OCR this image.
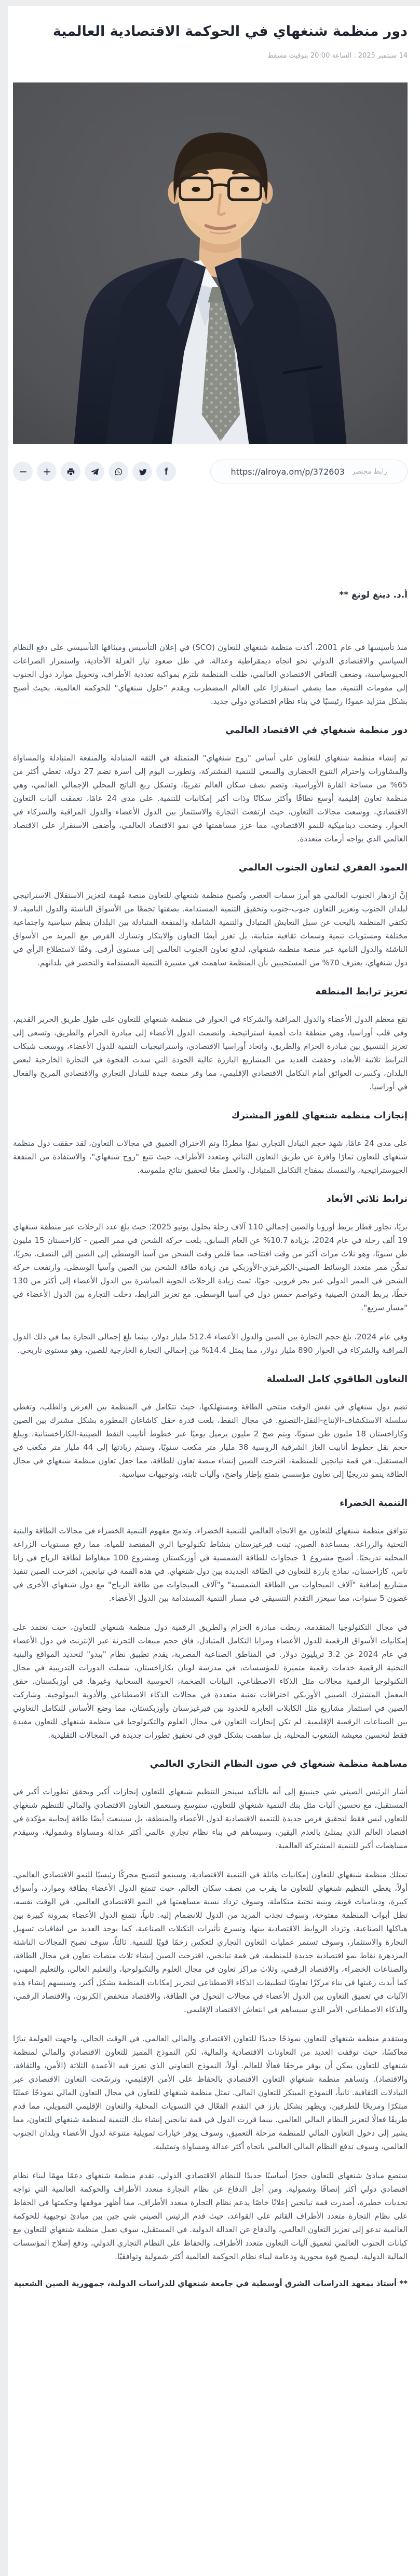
دور منظمة شنغهاي في الحوكمة الاقتصادية العالمية
14 سبتمبر 2025 . الساعة 20:00 بتوقيت مسقط
رابط مختصر
https://alroya.om/p/372603
f
أ.د. دينغ لونغ **

منذ تأسيسها في عام 2001، أكدت منظمة شنغهاي للتعاون (SCO) في إعلان التأسيس وميثاقها التأسيسي على دفع النظام السياسي والاقتصادي الدولي نحو اتجاه ديمقراطية وعدالة. في ظل صعود تيار العزلة الأحادية، واستمرار الصراعات الجيوسياسية، وضعف التعافي الاقتصادي العالمي، ظلت المنظمة تلتزم بمواكبة تعددية الأطراف، وتحويل موارد دول الجنوب إلى مقومات التنمية، مما يضفي استقرارًا على العالم المضطرب ويقدم "حلول شنغهاي" للحوكمة العالمية، بحيث أصبح بشكل متزايد عمودًا رئيسيًا في بناء نظام اقتصادي دولي جديد.

دور منظمة شنغهاي في الاقتصاد العالمي

تم إنشاء منظمة شنغهاي للتعاون على أساس "روح شنغهاي" المتمثلة في الثقة المتبادلة والمنفعة المتبادلة والمساواة والمشاورات واحترام التنوع الحضاري والسعي للتنمية المشتركة، وتطورت اليوم إلى أسرة تضم 27 دولة، تغطي أكثر من 65% من مساحة القارة الأوراسية، وتضم نصف سكان العالم تقريبًا، وتشكل ربع الناتج المحلي الإجمالي العالمي، وهي منظمة تعاون إقليمية أوسع نطاقًا وأكثر سكانًا وذات أكبر إمكانيات للتنمية. على مدى 24 عامًا، تعمقت آليات التعاون الاقتصادي، ووسعت مجالات التعاون، حيث ارتفعت التجارة والاستثمار بين الدول الأعضاء والدول المراقبة والشركاء في الحوار، وضخت ديناميكية للنمو الاقتصادي، مما عزز مساهمتها في نمو الاقتصاد العالمي، وأضفى الاستقرار على الاقتصاد العالمي الذي يواجه أزمات متعددة.

العمود الفقري لتعاون الجنوب العالمي

إنَّ ازدهار الجنوب العالمي هو أبرز سمات العصر، وتُصبح منظمة شنغهاي للتعاون منصة مُهمة لتعزيز الاستقلال الاستراتيجي لبلدان الجنوب وتعزيز التعاون جنوب-جنوب وتحقيق التنمية المستدامة. بصفتها تجمعًا من الأسواق الناشئة والدول النامية، لا تكتفي المنظمة بالبحث عن سبل التعايش المتبادل والتنمية الشاملة والمنفعة المتبادلة بين البلدان بنظم سياسية واجتماعية مختلفة ومستويات تنمية وسمات ثقافية متباينة، بل تعزز أيضًا التعاون والابتكار وتشارك الفرص مع المزيد من الأسواق الناشئة والدول النامية عبر منصة منظمة شنغهاي، لدفع تعاون الجنوب العالمي إلى مستوى أرقى. وفقًا لاستطلاع الرأي في دول شنغهاي، يعترف 70% من المستجيبين بأن المنظمة ساهمت في مسيرة التنمية المستدامة والتحضر في بلدانهم.

تعزيز ترابط المنطقة

تقع معظم الدول الأعضاء والدول المراقبة والشركاء في الحوار في منظمة شنغهاي للتعاون على طول طريق الحرير القديم، وفي قلب أوراسيا، وهي منطقة ذات أهمية استراتيجية. وانضمت الدول الأعضاء إلى مبادرة الحزام والطريق، وتسعى إلى تعزيز التنسيق بين مبادرة الحزام والطريق، واتحاد أوراسيا الاقتصادي، واستراتيجيات التنمية للدول الأعضاء، ووسعت شبكات الترابط ثلاثية الأبعاد، وحققت العديد من المشاريع البارزة عالية الجودة التي سدت الفجوة في التجارة الخارجية لبعض البلدان، وكسرت العوائق أمام التكامل الاقتصادي الإقليمي، مما وفر منصة جيدة للتبادل التجاري والاقتصادي المريح والفعال في أوراسيا.

إنجازات منظمة شنغهاي للفوز المشترك

على مدى 24 عامًا، شهد حجم التبادل التجاري نموًا مطردًا وتم الاختراق العميق في مجالات التعاون، لقد حققت دول منظمة شنغهاي للتعاون ثمارًا وافرة عن طريق التعاون الثنائي ومتعدد الأطراف، حيث تتبع "روح شنغهاي"، والاستفادة من المنفعة الجيوستراتيجية، والتمسك بمفتاح التكامل المتبادل، والعمل معًا لتحقيق نتائج ملموسة.

ترابط ثلاثي الأبعاد

بريًا، تجاوز قطار يربط أوروبا والصين إجمالي 110 آلاف رحلة بحلول يونيو 2025؛ حيث بلغ عدد الرحلات عبر منطقة شنغهاي 19 ألف رحلة في عام 2024، بزيادة 10.7% عن العام السابق. بلغت حركة الشحن في ممر الصين - كازاخستان 15 مليون طن سنويًا، وهو ثلاث مرات أكثر من وقت افتتاحه، مما قلص وقت الشحن من آسيا الوسطى إلى الصين إلى النصف. بحريًا، تمكّن ممر متعدد الوسائط الصيني-الكيرغيزي-الأوزبكي من زيادة طاقة الشحن بين الصين وآسيا الوسطى، وارتفعت حركة الشحن في الممر الدولي عبر بحر قزوين. جويًا، تمت زيادة الرحلات الجوية المباشرة بين الدول الأعضاء إلى أكثر من 130 خطًا، يربط المدن الصينية وعواصم خمس دول في آسيا الوسطى. مع تعزيز الترابط، دخلت التجارة بين الدول الأعضاء في "مسار سريع".

وفي عام 2024، بلغ حجم التجارة بين الصين والدول الأعضاء 512.4 مليار دولار، بينما بلغ إجمالي التجارة بما في ذلك الدول المراقبة والشركاء في الحوار 890 مليار دولار، مما يمثل 14.4% من إجمالي التجارة الخارجية للصين، وهو مستوى تاريخي.

التعاون الطاقوي كامل السلسلة

تضم دول شنغهاي في نفس الوقت منتجي الطاقة ومستهلكيها، حيث تتكامل في المنظمة بين العرض والطلب، وتغطي سلسلة الاستكشاف-الإنتاج-النقل-التصنيع. في مجال النفط، بلغت قدرة حقل كاشاغان المطورة بشكل مشترك بين الصين وكازاخستان 18 مليون طن سنويًا، ويتم ضخ 2 مليون برميل يوميًا عبر خطوط أنابيب النفط الصينية-الكازاخستانية، ويبلغ حجم نقل خطوط أنابيب الغاز الشرقية الروسية 38 مليار متر مكعب سنويًا، وسيتم زيادتها إلى 44 مليار متر مكعب في المستقبل. في قمة تيانجين للمنظمة، اقترحت الصين إنشاء منصة تعاون للطاقة، مما جعل تعاون منظمة شنغهاي في مجال الطاقة ينمو تدريجيًا إلى تعاون مؤسسي يتمتع بإطار واضح، وآليات ثابتة، وتوجيهات سياسية.

التنمية الخضراء

تتوافق منظمة شنغهاي للتعاون مع الاتجاه العالمي للتنمية الخضراء، وتدمج مفهوم التنمية الخضراء في مجالات الطاقة والبنية التحتية والزراعة. بمساعدة الصين، تبنت قيرغيزستان بنشاط تكنولوجيا الري المقتصد للمياه، مما رفع مستويات الزراعة المحلية تدريجيًا. أصبح مشروع 1 جيجاوات للطاقة الشمسية في أوزبكستان ومشروع 100 ميغاواط لطاقة الرياح في زانا تاس، كازاخستان، نماذج بارزة للتعاون في الطاقة الجديدة بين دول شنغهاي. في هذه القمة في تيانجين، اقترحت الصين تنفيذ مشاريع إضافية "آلاف الميجاوات من الطاقة الشمسية" و"آلاف الميجاوات من طاقة الرياح" مع دول شنغهاي الأخرى في غضون 5 سنوات، مما سيعزز التقدم التنسيقي في مسار التنمية المستدامة بين الدول الأعضاء.

في مجال التكنولوجيا المتقدمة، ربطت مبادرة الحزام والطريق الرقمية دول منظمة شنغهاي للتعاون، حيث تعتمد على إمكانيات الأسواق الرقمية للدول الأعضاء ومزايا التكامل المتبادل، فاق حجم مبيعات التجزئة عبر الإنترنت في دول الأعضاء في عام 2024 عن 3.2 تريليون دولار. في المناطق الصناعية المصرية، يقدم تطبيق نظام "بيدو" لتحديد المواقع والبنية التحتية الرقمية خدمات رقمية متميزة للمؤسسات، في مدرسة لوبان بكازاخستان، شملت الدورات التدريبية في مجال التكنولوجيا الرقمية مجالات مثل الذكاء الاصطناعي، البيانات الضخمة، الحوسبة السحابية وغيرها. في أوزبكستان، حقق المعمل المشترك الصيني الأوزبكي اختراقات تقنية متعددة في مجالات الذكاء الاصطناعي والأدوية البيولوجية. وشاركت الصين في استثمار مشاريع مثل الكابلات العابرة للحدود بين قيرغيزستان وأوزبكستان، مما وضع الأساس للتكامل التعاوني بين الصناعات الرقمية الإقليمية. لم تكن إنجازات التعاون في مجال العلوم والتكنولوجيا في منظمة شنغهاي للتعاون مفيدة فقط لتحسين معيشة الشعوب المحلية، بل ساهمت بشكل قوي في تحقيق تطورات جديدة في المجالات التقليدية.

مساهمة منظمة شنغهاي في صون النظام التجاري العالمي

أشار الرئيس الصيني شي جينبينغ إلى أنه بالتأكيد سينجز التنظيم شنغهاي للتعاون إنجازات أكبر ويحقق تطورات أكبر في المستقبل، مع تحسين آليات مثل بنك التنمية شنغهاي للتعاون، ستوسع وستعمق التعاون الاقتصادي والمالي للتنظيم شنغهاي للتعاون ليس فقط لتحقيق فرص جديدة للتنمية الاقتصادية لدول الأعضاء والمنطقة، بل سينبعث أيضًا طاقة إيجابية مؤكدة في اقتصاد العالم الذي يمتلئ بالعدم اليقين، وسيساهم في بناء نظام تجاري عالمي أكثر عدالة ومساواة وشمولية، وسيقدم مساهمات أكبر للتنمية المشتركة العالمية.

تمتلك منظمة شنغهاي للتعاون إمكانيات هائلة في التنمية الاقتصادية، وسينمو لتصبح محركًا رئيسيًا للنمو الاقتصادي العالمي. أولاً، يغطي التنظيم شنغهاي للتعاون ما يقرب من نصف سكان العالم، حيث تتمتع الدول الأعضاء بطاقة وموارد، وأسواق كبيرة، وديناميات قوية، وبنية تحتية متكاملة، وسوف تزداد نسبة مساهمتها في النمو الاقتصادي العالمي. في الوقت نفسه، تظل أبواب المنظمة مفتوحة، وسوف تجذب المزيد من الدول للانضمام إليه. ثانياً، تتمتع الدول الأعضاء بمرونة كبيرة بين هياكلها الصناعية، وتزداد الروابط الاقتصادية بينها، وتسرع تأثيرات التكتلات الصناعية، كما يوجد العديد من اتفاقيات تسهيل التجارة والاستثمار، وسوف تستمر عمليات التعاون التجاري لتعكس زخمًا قويًا للتنمية. ثالثاً، سوف تصبح المجالات الناشئة المزدهرة نقاط نمو اقتصادية جديدة للمنظمة. في قمة تيانجين، اقترحت الصين إنشاء ثلاث منصات تعاون في مجال الطاقة، والصناعات الخضراء، والاقتصاد الرقمي، وثلاث مراكز تعاون في مجال العلوم والتكنولوجيا، والتعليم العالي، والتعليم المهني، كما أبدت رغبتها في بناء مركزًا تعاونيًا لتطبيقات الذكاء الاصطناعي لتحرير إمكانات المنظمة بشكل أكبر، وسيسهم إنشاء هذه الآليات في تعميق التعاون بين الدول الأعضاء في مجالات التحول في الطاقة، والاقتصاد منخفض الكربون، والاقتصاد الرقمي، والذكاء الاصطناعي، الأمر الذي سيساهم في انتعاش الاقتصاد الإقليمي.

وستقدم منظمة شنغهاي للتعاون نموذجًا جديدًا للتعاون الاقتصادي والمالي العالمي. في الوقت الحالي، واجهت العولمة تيارًا معاكسًا، حيث توقفت العديد من التعاونات الاقتصادية والمالية، لكن النموذج المميز للتعاون الاقتصادي والمالي لمنظمة شنغهاي للتعاون يمكن أن يوفر مرجعًا فعالًا للعالم. أولاً، النموذج التعاوني الذي تعزز فيه الأعمدة الثلاثة (الأمن، والثقافة، والاقتصاد). وتساهم منظمة شنغهاي التعاون الاقتصادي بالحفاظ على الأمن الإقليمي، وترسّخت التعاون الاقتصادي عبر التبادلات الثقافية. ثانياً، النموذج المبتكر للتعاون المالي. تمثل منظمة شنغهاي للتعاون في مجال التعاون المالي نموذجًا عمليًا مبتكرًا ومريحًا للطرفين، ويظهر بشكل بارز في التقدم الفعّال في التسويات المحلية والتعاون الإقليمي التمويلي، مما قدم طريقًا فعالًا لتعزيز النظام المالي العالمي. بينما قررت الدول في قمة تيانجين إنشاء بنك التنمية لمنظمة شنغهاي للتعاون، مما يشير إلى دخول التعاون المالي للمنظمة مرحلة التعميق، وسوف يوفر خيارات تمويلية متنوعة لدول الأعضاء وبلدان الجنوب العالمي، وسوف تدفع النظام المالي العالمي باتجاه أكثر عدالة ومساواة وتمثيلية.

ستضع مبادئ شنغهاي للتعاون حجرًا أساسيًا جديدًا للنظام الاقتصادي الدولي، تقدم منظمة شنغهاي دعمًا مهمًا لبناء نظام اقتصادي دولي أكثر إنصافًا وشمولية. ومن أجل الدفاع عن نظام التجارة متعدد الأطراف والحوكمة العالمية التي تواجه تحديات خطيرة، أصدرت قمة تيانجين إعلانًا خاصًا يدعم نظام التجارة متعدد الأطراف، مما أظهر موقفها وحكمتها في الحفاظ على نظام التجارة متعدد الأطراف القائم على القواعد، حيث قدم الرئيس الصيني شي جين بين مبادئ توجيهية للحوكمة العالمية تدعو إلى تعزيز التعاون العالمي، والدفاع عن العدالة الدولية. في المستقبل، سوف تعمل منظمة شنغهاي للتعاون مع كيانات الجنوب العالمي لتعميق آليات التعاون متعدد الأطراف، والحفاظ على النظام التجاري الدولي، ودفع إصلاح المؤسسات المالية الدولية، ليصبح قوة محورية ودعامة لبناء نظام الحوكمة العالمية أكثر شمولية وتوافقيًا.

** أستاذ بمعهد الدراسات الشرق أوسطية في جامعة شنغهاي للدراسات الدولية، جمهورية الصين الشعبية
